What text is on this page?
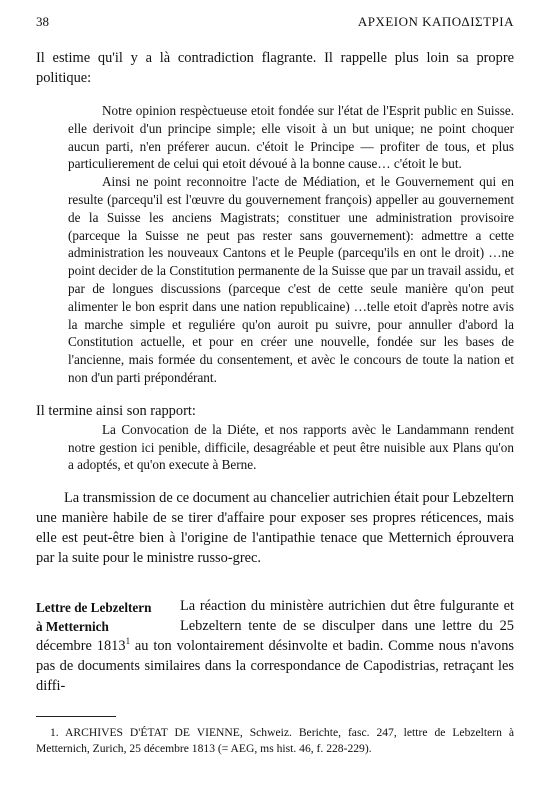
38	ΑΡΧΕΙΟΝ ΚΑΠΟΔΙΣΤΡΙΑ

Il estime qu'il y a là contradiction flagrante. Il rappelle plus loin sa propre politique:

Notre opinion respèctueuse etoit fondée sur l'état de l'Esprit public en Suisse. elle derivoit d'un principe simple; elle visoit à un but unique; ne point choquer aucun parti, n'en préferer aucun. c'étoit le Principe — profiter de tous, et plus particulierement de celui qui etoit dévoué à la bonne cause… c'étoit le but.

Ainsi ne point reconnoitre l'acte de Médiation, et le Gouvernement qui en resulte (parcequ'il est l'œuvre du gouvernement françois) appeller au gouvernement de la Suisse les anciens Magistrats; constituer une administration provisoire (parceque la Suisse ne peut pas rester sans gouvernement): admettre a cette administration les nouveaux Cantons et le Peuple (parcequ'ils en ont le droit) …ne point decider de la Constitution permanente de la Suisse que par un travail assidu, et par de longues discussions (parceque c'est de cette seule manière qu'on peut alimenter le bon esprit dans une nation republicaine) …telle etoit d'après notre avis la marche simple et reguliére qu'on auroit pu suivre, pour annuller d'abord la Constitution actuelle, et pour en créer une nouvelle, fondée sur les bases de l'ancienne, mais formée du consentement, et avèc le concours de toute la nation et non d'un parti prépondérant.

Il termine ainsi son rapport:

La Convocation de la Diéte, et nos rapports avèc le Landammann rendent notre gestion ici penible, difficile, desagréable et peut être nuisible aux Plans qu'on a adoptés, et qu'on execute à Berne.

La transmission de ce document au chancelier autrichien était pour Lebzeltern une manière habile de se tirer d'affaire pour exposer ses propres réticences, mais elle est peut-être bien à l'origine de l'antipathie tenace que Metternich éprouvera par la suite pour le ministre russo-grec.

Lettre de Lebzeltern
à Metternich

La réaction du ministère autrichien dut être fulgurante et Lebzeltern tente de se disculper dans une lettre du 25 décembre 1813$^1$ au ton volontairement désinvolte et badin. Comme nous n'avons pas de documents similaires dans la correspondance de Capodistrias, retraçant les diffi-

1. ARCHIVES D'ÉTAT DE VIENNE, Schweiz. Berichte, fasc. 247, lettre de Lebzeltern à Metternich, Zurich, 25 décembre 1813 (= AEG, ms hist. 46, f. 228-229).
